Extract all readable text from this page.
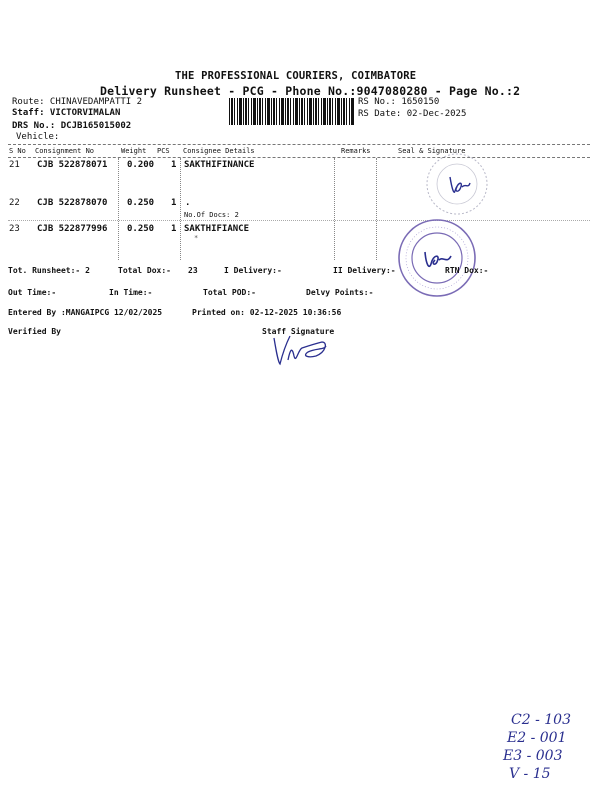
THE PROFESSIONAL COURIERS, COIMBATORE
Delivery Runsheet - PCG - Phone No.:9047080280 - Page No.:2
Route: CHINAVEDAMPATTI 2
Staff: VICTORVIMALAN
DRS No.: DCJB165015002
Vehicle:
RS No.: 1650150
RS Date: 02-Dec-2025
S No Consignment No	Weight PCS Consignee Details	Remarks	Seal & Signature
21 CJB 522878071 0.200 1 SAKTHIFINANCE
22 CJB 522878070 0.250 1 .
No.Of Docs: 2
23 CJB 522877996 0.250 1 SAKTHIFIANCE
*
Tot. Runsheet:- 2	Total Dox:- 23	I Delivery:-	II Delivery:-	RTN Dox:-
Out Time:-	In Time:-	Total POD:-	Delvy Points:-
Entered By :MANGAIPCG 12/02/2025	Printed on: 02-12-2025 10:36:56
Verified By	Staff Signature
C2 - 103
E2 - 001
E3 - 003
V - 15
